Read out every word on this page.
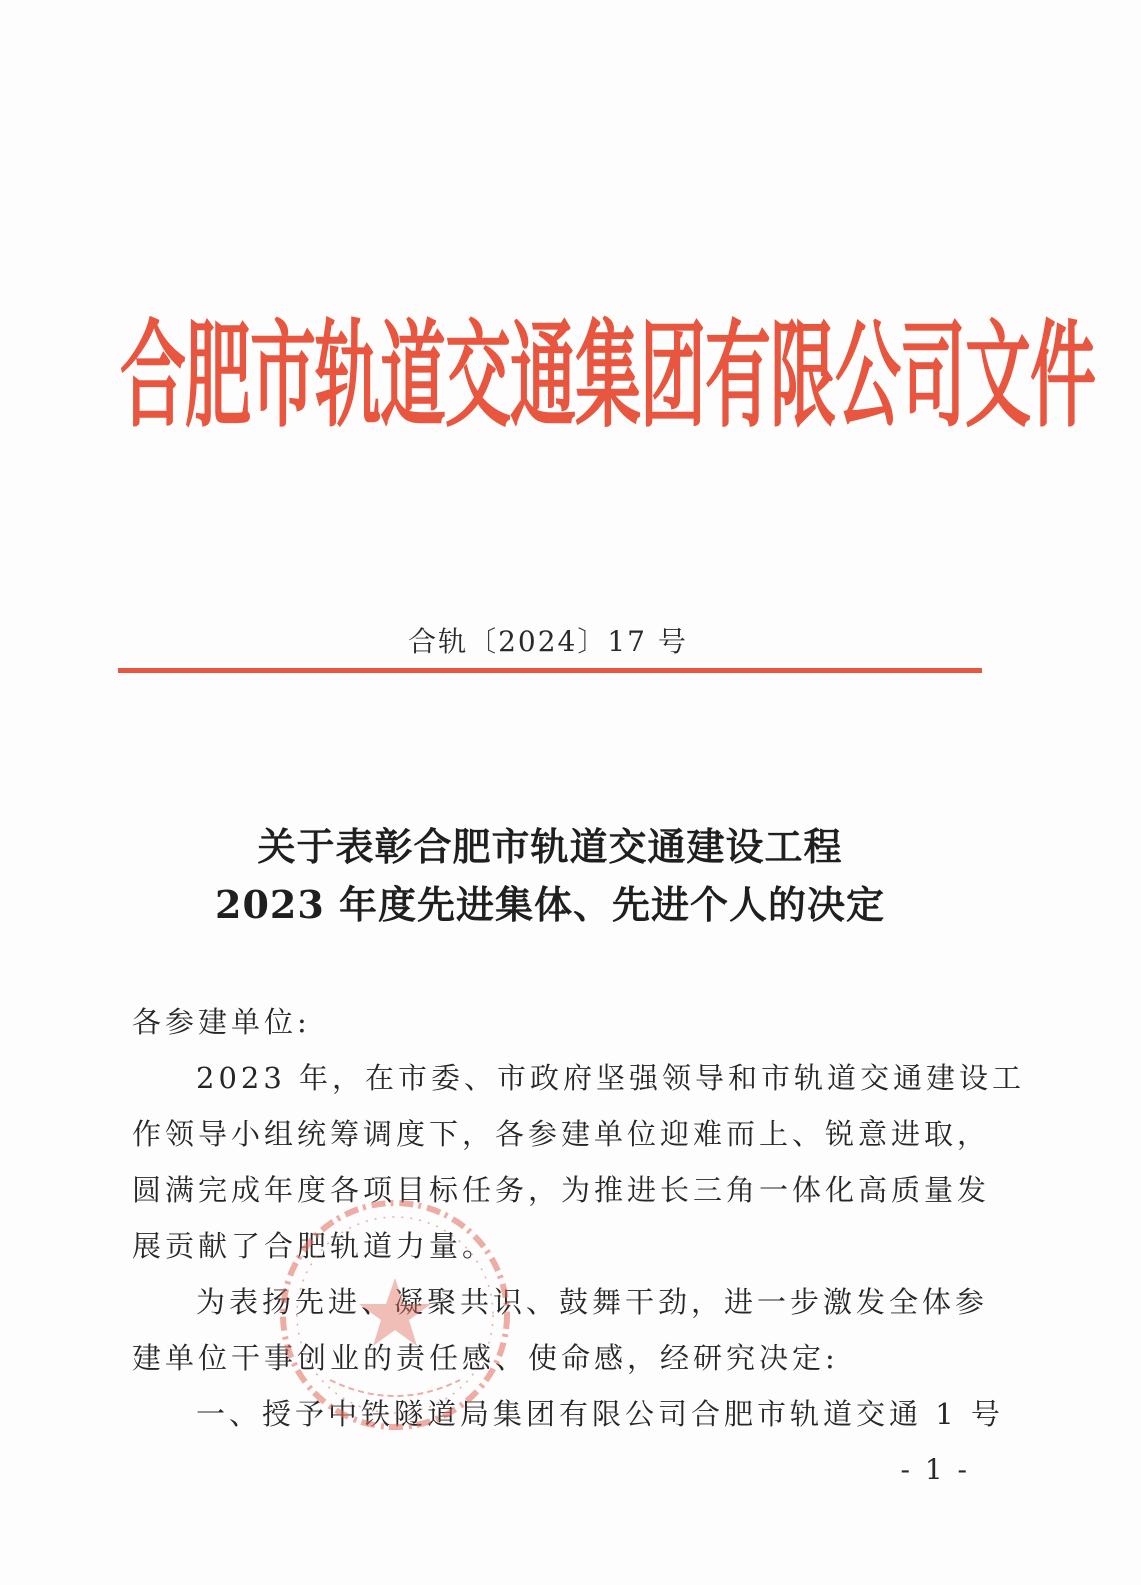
合肥市轨道交通集团有限公司文件
合轨〔2024〕17 号
关于表彰合肥市轨道交通建设工程
2023 年度先进集体、先进个人的决定
各参建单位:
2023 年，在市委、市政府坚强领导和市轨道交通建设工
作领导小组统筹调度下，各参建单位迎难而上、锐意进取，
圆满完成年度各项目标任务，为推进长三角一体化高质量发
展贡献了合肥轨道力量。
为表扬先进、凝聚共识、鼓舞干劲，进一步激发全体参
建单位干事创业的责任感、使命感，经研究决定:
一、授予中铁隧道局集团有限公司合肥市轨道交通 1 号
- 1 -
